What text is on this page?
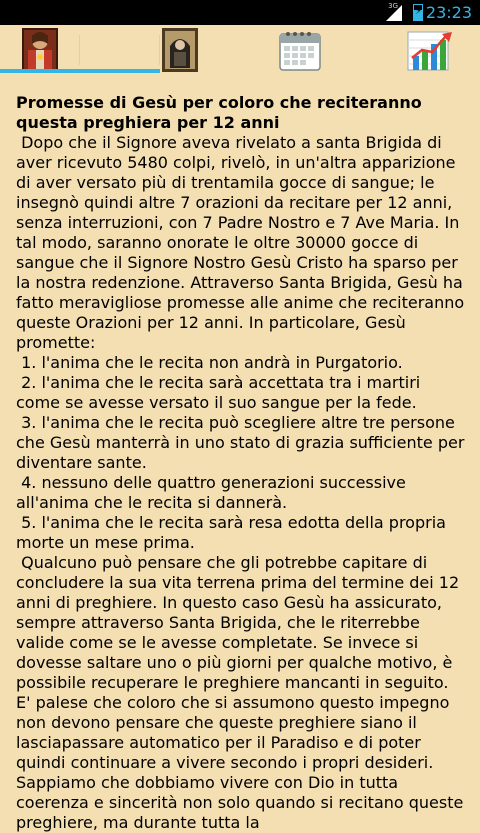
3G ⚡ 23:23

Promesse di Gesù per coloro che reciteranno questa preghiera per 12 anni

Dopo che il Signore aveva rivelato a santa Brigida di aver ricevuto 5480 colpi, rivelò, in un'altra apparizione di aver versato più di trentamila gocce di sangue; le insegnò quindi altre 7 orazioni da recitare per 12 anni, senza interruzioni, con 7 Padre Nostro e 7 Ave Maria. In tal modo, saranno onorate le oltre 30000 gocce di sangue che il Signore Nostro Gesù Cristo ha sparso per la nostra redenzione. Attraverso Santa Brigida, Gesù ha fatto meravigliose promesse alle anime che reciteranno queste Orazioni per 12 anni. In particolare, Gesù promette:

1. l'anima che le recita non andrà in Purgatorio.

2. l'anima che le recita sarà accettata tra i martiri come se avesse versato il suo sangue per la fede.

3. l'anima che le recita può scegliere altre tre persone che Gesù manterrà in uno stato di grazia sufficiente per diventare sante.

4. nessuno delle quattro generazioni successive all'anima che le recita si dannerà.

5. l'anima che le recita sarà resa edotta della propria morte un mese prima.

Qualcuno può pensare che gli potrebbe capitare di concludere la sua vita terrena prima del termine dei 12 anni di preghiere. In questo caso Gesù ha assicurato, sempre attraverso Santa Brigida, che le riterrebbe valide come se le avesse completate. Se invece si dovesse saltare uno o più giorni per qualche motivo, è possibile recuperare le preghiere mancanti in seguito. E' palese che coloro che si assumono questo impegno non devono pensare che queste preghiere siano il lasciapassare automatico per il Paradiso e di poter quindi continuare a vivere secondo i propri desideri. Sappiamo che dobbiamo vivere con Dio in tutta coerenza e sincerità non solo quando si recitano queste preghiere, ma durante tutta la
